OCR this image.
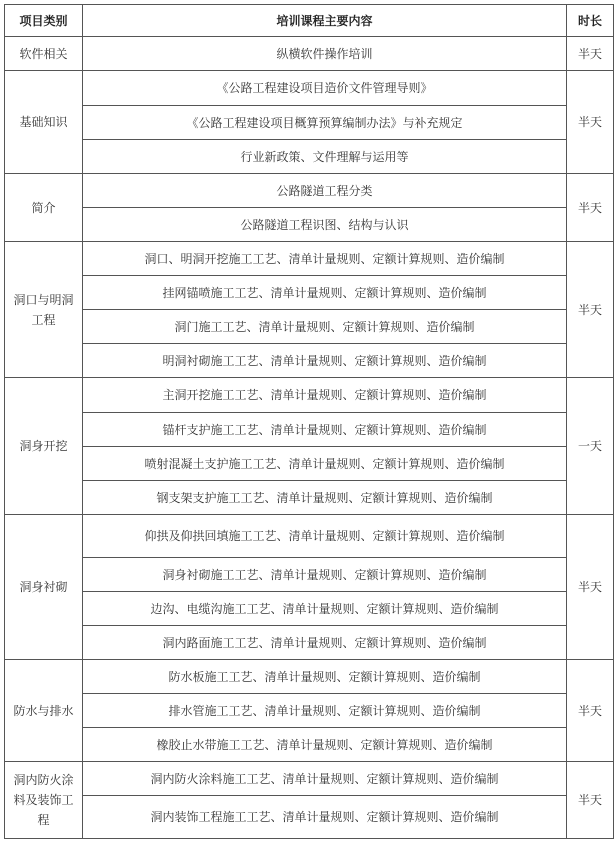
项目类别	培训课程主要内容	时长
软件相关	纵横软件操作培训	半天
基础知识	《公路工程建设项目造价文件管理导则》	半天
	《公路工程建设项目概算预算编制办法》与补充规定	
	行业新政策、文件理解与运用等	
简介	公路隧道工程分类	半天
	公路隧道工程识图、结构与认识	
洞口与明洞工程	洞口、明洞开挖施工工艺、清单计量规则、定额计算规则、造价编制	半天
	挂网锚喷施工工艺、清单计量规则、定额计算规则、造价编制	
	洞门施工工艺、清单计量规则、定额计算规则、造价编制	
	明洞衬砌施工工艺、清单计量规则、定额计算规则、造价编制	
洞身开挖	主洞开挖施工工艺、清单计量规则、定额计算规则、造价编制	一天
	锚杆支护施工工艺、清单计量规则、定额计算规则、造价编制	
	喷射混凝土支护施工工艺、清单计量规则、定额计算规则、造价编制	
	钢支架支护施工工艺、清单计量规则、定额计算规则、造价编制	
洞身衬砌	仰拱及仰拱回填施工工艺、清单计量规则、定额计算规则、造价编制	半天
	洞身衬砌施工工艺、清单计量规则、定额计算规则、造价编制	
	边沟、电缆沟施工工艺、清单计量规则、定额计算规则、造价编制	
	洞内路面施工工艺、清单计量规则、定额计算规则、造价编制	
防水与排水	防水板施工工艺、清单计量规则、定额计算规则、造价编制	半天
	排水管施工工艺、清单计量规则、定额计算规则、造价编制	
	橡胶止水带施工工艺、清单计量规则、定额计算规则、造价编制	
洞内防火涂料及装饰工程	洞内防火涂料施工工艺、清单计量规则、定额计算规则、造价编制	半天
	洞内装饰工程施工工艺、清单计量规则、定额计算规则、造价编制	
